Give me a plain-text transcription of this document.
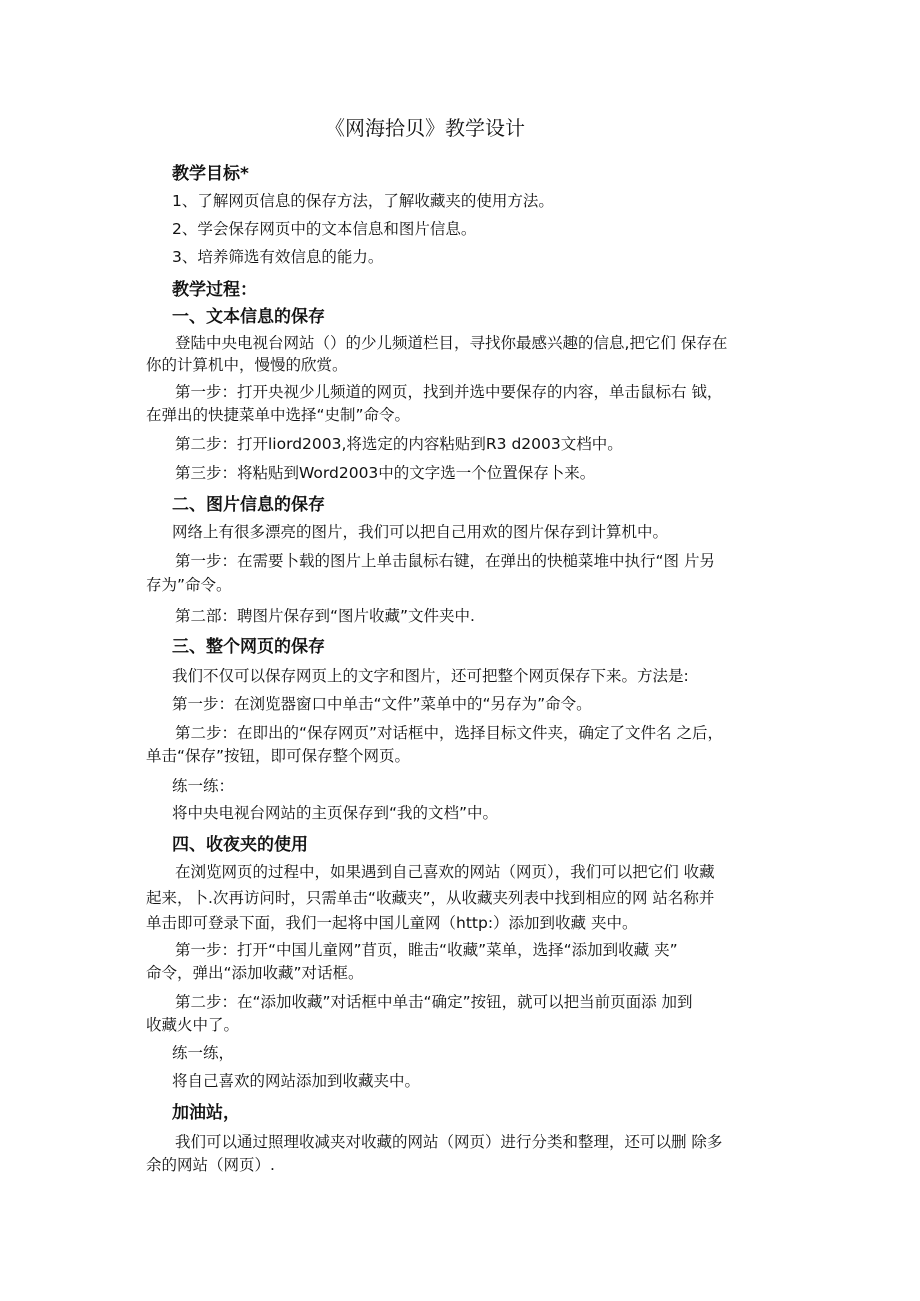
《网海拾贝》教学设计
教学目标*
1、了解网页信息的保存方法，了解收藏夹的使用方法。
2、学会保存网页中的文本信息和图片信息。
3、培养筛选有效信息的能力。
教学过程：
一、文本信息的保存
登陆中央电视台网站（）的少儿频道栏目，寻找你最感兴趣的信息,把它们 保存在
你的计算机中，慢慢的欣赏。
第一步：打开央视少儿频道的网页，找到并选中要保存的内容，单击鼠标右 钺，
在弹出的快捷菜单中选择“史制”命令。
第二步：打开liord2003,将选定的内容粘贴到R3 d2003文档中。
第三步：将粘贴到Word2003中的文字选一个位置保存卜来。
二、图片信息的保存
网络上有很多漂亮的图片，我们可以把自己用欢的图片保存到计算机中。
第一步：在需要卜载的图片上单击鼠标右键，在弹出的快槌菜堆中执行“图 片另
存为”命令。
第二部：聘图片保存到“图片收藏”文件夹中.
三、整个网页的保存
我们不仅可以保存网页上的文字和图片，还可把整个网页保存下来。方法是:
第一步：在浏览器窗口中单击“文件”菜单中的“另存为”命令。
第二步：在即出的“保存网页”对话框中，选择目标文件夹，确定了文件名 之后，
单击“保存”按钮，即可保存整个网页。
练一练：
将中央电视台网站的主页保存到“我的文档”中。
四、收夜夹的使用
在浏览网页的过程中，如果遇到自己喜欢的网站（网页），我们可以把它们 收藏
起来，卜.次再访问时，只需单击“收藏夹”，从收藏夹列表中找到相应的网 站名称并
单击即可登录下面，我们一起将中国儿童网（http:）添加到收藏 夹中。
第一步：打开“中国儿童网”苜页，睢击“收藏”菜单，选择“添加到收藏 夹”
命令，弹出“添加收藏”对话框。
第二步：在“添加收藏”对话框中单击“确定”按钮，就可以把当前页面添 加到
收藏火中了。
练一练，
将自己喜欢的网站添加到收藏夹中。
加油站，
我们可以通过照理收减夹对收藏的网站（网页）进行分类和整理，还可以删 除多
余的网站（网页）.
